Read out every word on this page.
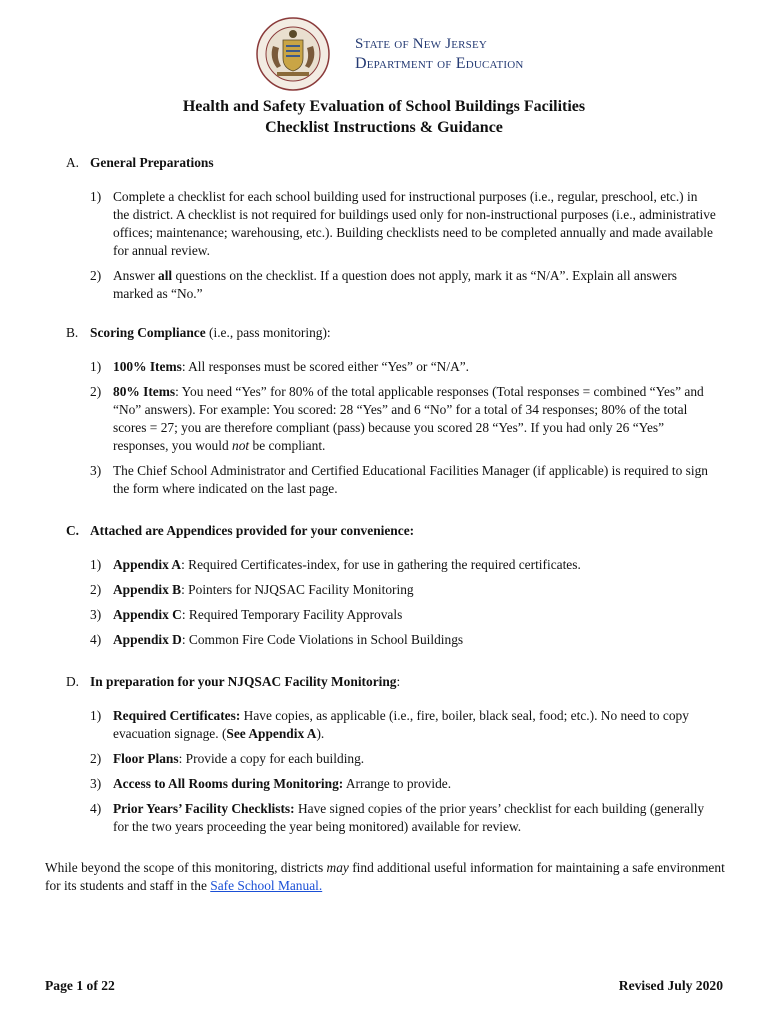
State of New Jersey
Department of Education
Health and Safety Evaluation of School Buildings Facilities
Checklist Instructions & Guidance
A. General Preparations
1) Complete a checklist for each school building used for instructional purposes (i.e., regular, preschool, etc.) in the district. A checklist is not required for buildings used only for non-instructional purposes (i.e., administrative offices; maintenance; warehousing, etc.). Building checklists need to be completed annually and made available for annual review.
2) Answer all questions on the checklist. If a question does not apply, mark it as “N/A”. Explain all answers marked as “No.”
B. Scoring Compliance (i.e., pass monitoring):
1) 100% Items: All responses must be scored either “Yes” or “N/A”.
2) 80% Items: You need “Yes” for 80% of the total applicable responses (Total responses = combined “Yes” and “No” answers). For example: You scored: 28 “Yes” and 6 “No” for a total of 34 responses; 80% of the total scores = 27; you are therefore compliant (pass) because you scored 28 “Yes”. If you had only 26 “Yes” responses, you would not be compliant.
3) The Chief School Administrator and Certified Educational Facilities Manager (if applicable) is required to sign the form where indicated on the last page.
C. Attached are Appendices provided for your convenience:
1) Appendix A: Required Certificates-index, for use in gathering the required certificates.
2) Appendix B: Pointers for NJQSAC Facility Monitoring
3) Appendix C: Required Temporary Facility Approvals
4) Appendix D: Common Fire Code Violations in School Buildings
D. In preparation for your NJQSAC Facility Monitoring:
1) Required Certificates: Have copies, as applicable (i.e., fire, boiler, black seal, food; etc.). No need to copy evacuation signage. (See Appendix A).
2) Floor Plans: Provide a copy for each building.
3) Access to All Rooms during Monitoring: Arrange to provide.
4) Prior Years’ Facility Checklists: Have signed copies of the prior years’ checklist for each building (generally for the two years proceeding the year being monitored) available for review.
While beyond the scope of this monitoring, districts may find additional useful information for maintaining a safe environment for its students and staff in the Safe School Manual.
Page 1 of 22	Revised July 2020
